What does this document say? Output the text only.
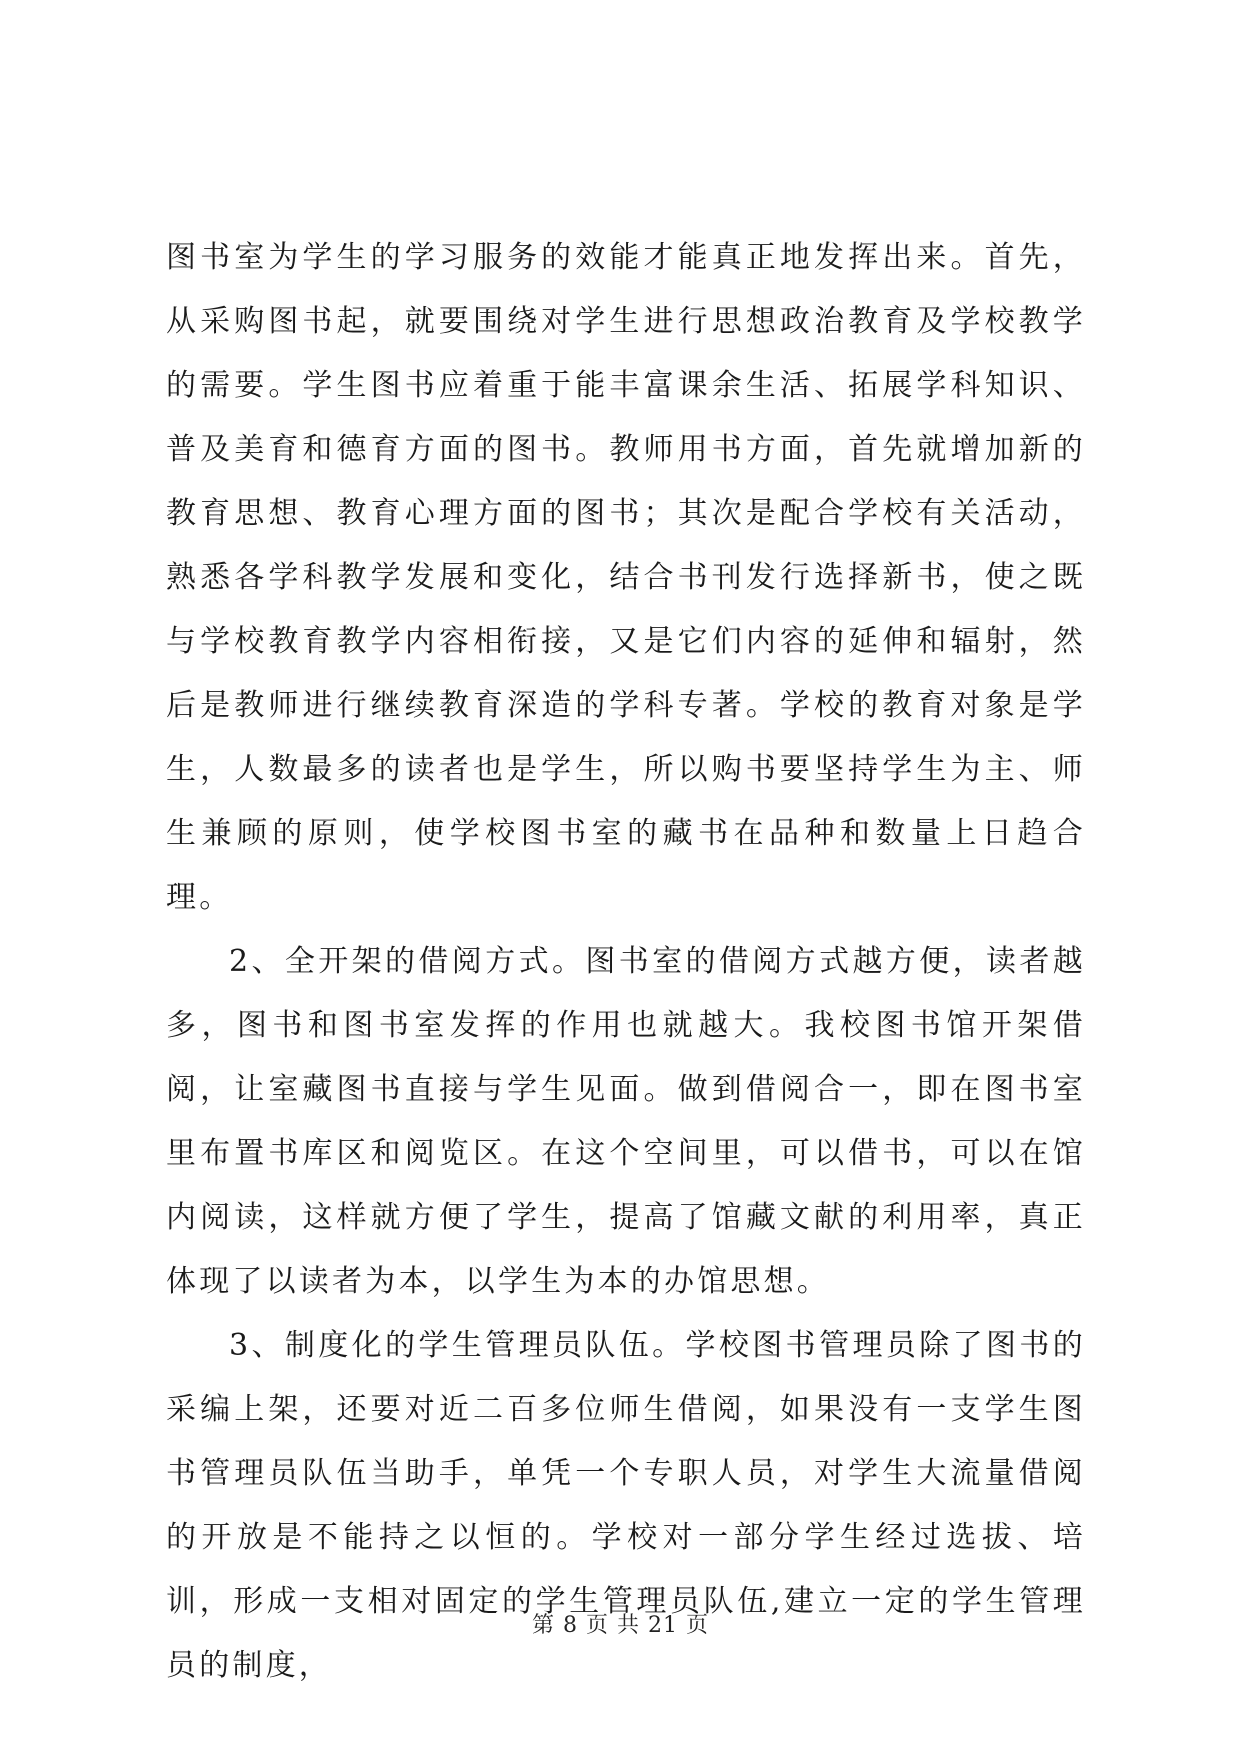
图书室为学生的学习服务的效能才能真正地发挥出来。首先，从采购图书起，就要围绕对学生进行思想政治教育及学校教学的需要。学生图书应着重于能丰富课余生活、拓展学科知识、普及美育和德育方面的图书。教师用书方面，首先就增加新的教育思想、教育心理方面的图书；其次是配合学校有关活动，熟悉各学科教学发展和变化，结合书刊发行选择新书，使之既与学校教育教学内容相衔接，又是它们内容的延伸和辐射，然后是教师进行继续教育深造的学科专著。学校的教育对象是学生，人数最多的读者也是学生，所以购书要坚持学生为主、师生兼顾的原则，使学校图书室的藏书在品种和数量上日趋合理。

2、全开架的借阅方式。图书室的借阅方式越方便，读者越多，图书和图书室发挥的作用也就越大。我校图书馆开架借阅，让室藏图书直接与学生见面。做到借阅合一，即在图书室里布置书库区和阅览区。在这个空间里，可以借书，可以在馆内阅读，这样就方便了学生，提高了馆藏文献的利用率，真正体现了以读者为本，以学生为本的办馆思想。

3、制度化的学生管理员队伍。学校图书管理员除了图书的采编上架，还要对近二百多位师生借阅，如果没有一支学生图书管理员队伍当助手，单凭一个专职人员，对学生大流量借阅的开放是不能持之以恒的。学校对一部分学生经过选拔、培训，形成一支相对固定的学生管理员队伍,建立一定的学生管理员的制度，

第 8 页 共 21 页
